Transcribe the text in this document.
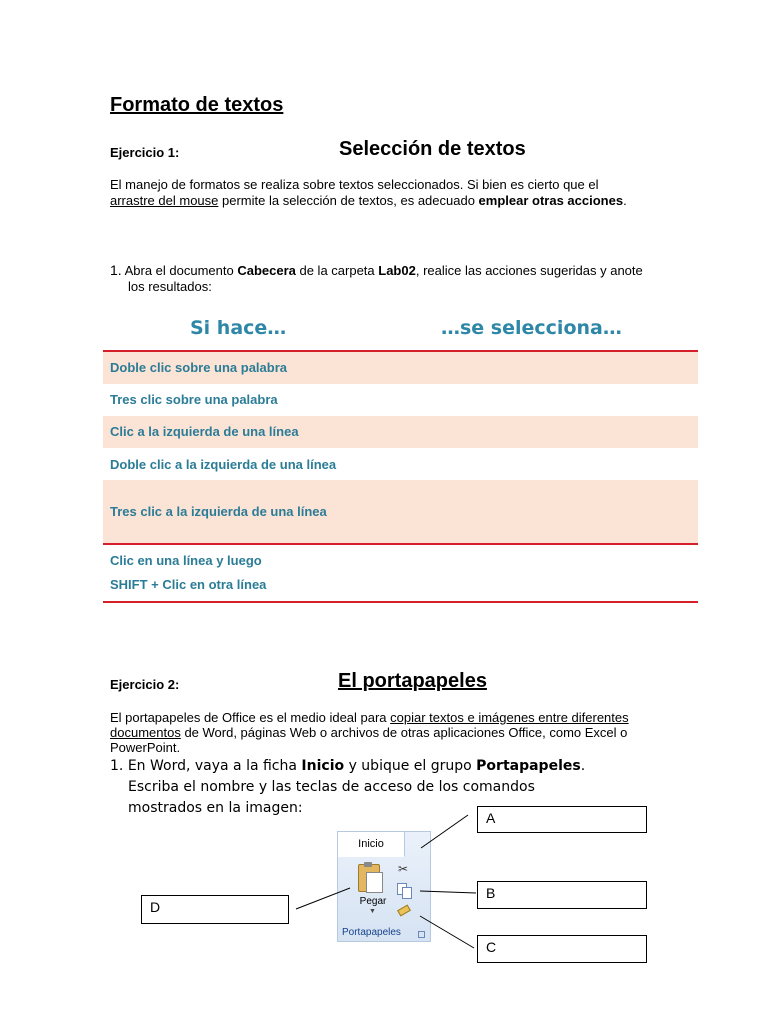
Formato de textos
Ejercicio 1:	Selección de textos
El manejo de formatos se realiza sobre textos seleccionados. Si bien es cierto que el
arrastre del mouse permite la selección de textos, es adecuado emplear otras acciones.
1. Abra el documento Cabecera de la carpeta Lab02, realice las acciones sugeridas y anote
los resultados:
Si hace…	…se selecciona…
Doble clic sobre una palabra
Tres clic sobre una palabra
Clic a la izquierda de una línea
Doble clic a la izquierda de una línea
Tres clic a la izquierda de una línea
Clic en una línea y luego
SHIFT + Clic en otra línea
Ejercicio 2:	El portapapeles
El portapapeles de Office es el medio ideal para copiar textos e imágenes entre diferentes
documentos de Word, páginas Web o archivos de otras aplicaciones Office, como Excel o
PowerPoint.
1. En Word, vaya a la ficha Inicio y ubique el grupo Portapapeles.
Escriba el nombre y las teclas de acceso de los comandos
mostrados en la imagen:
Inicio
Pegar
▼
✂
Portapapeles
A
B
C
D
